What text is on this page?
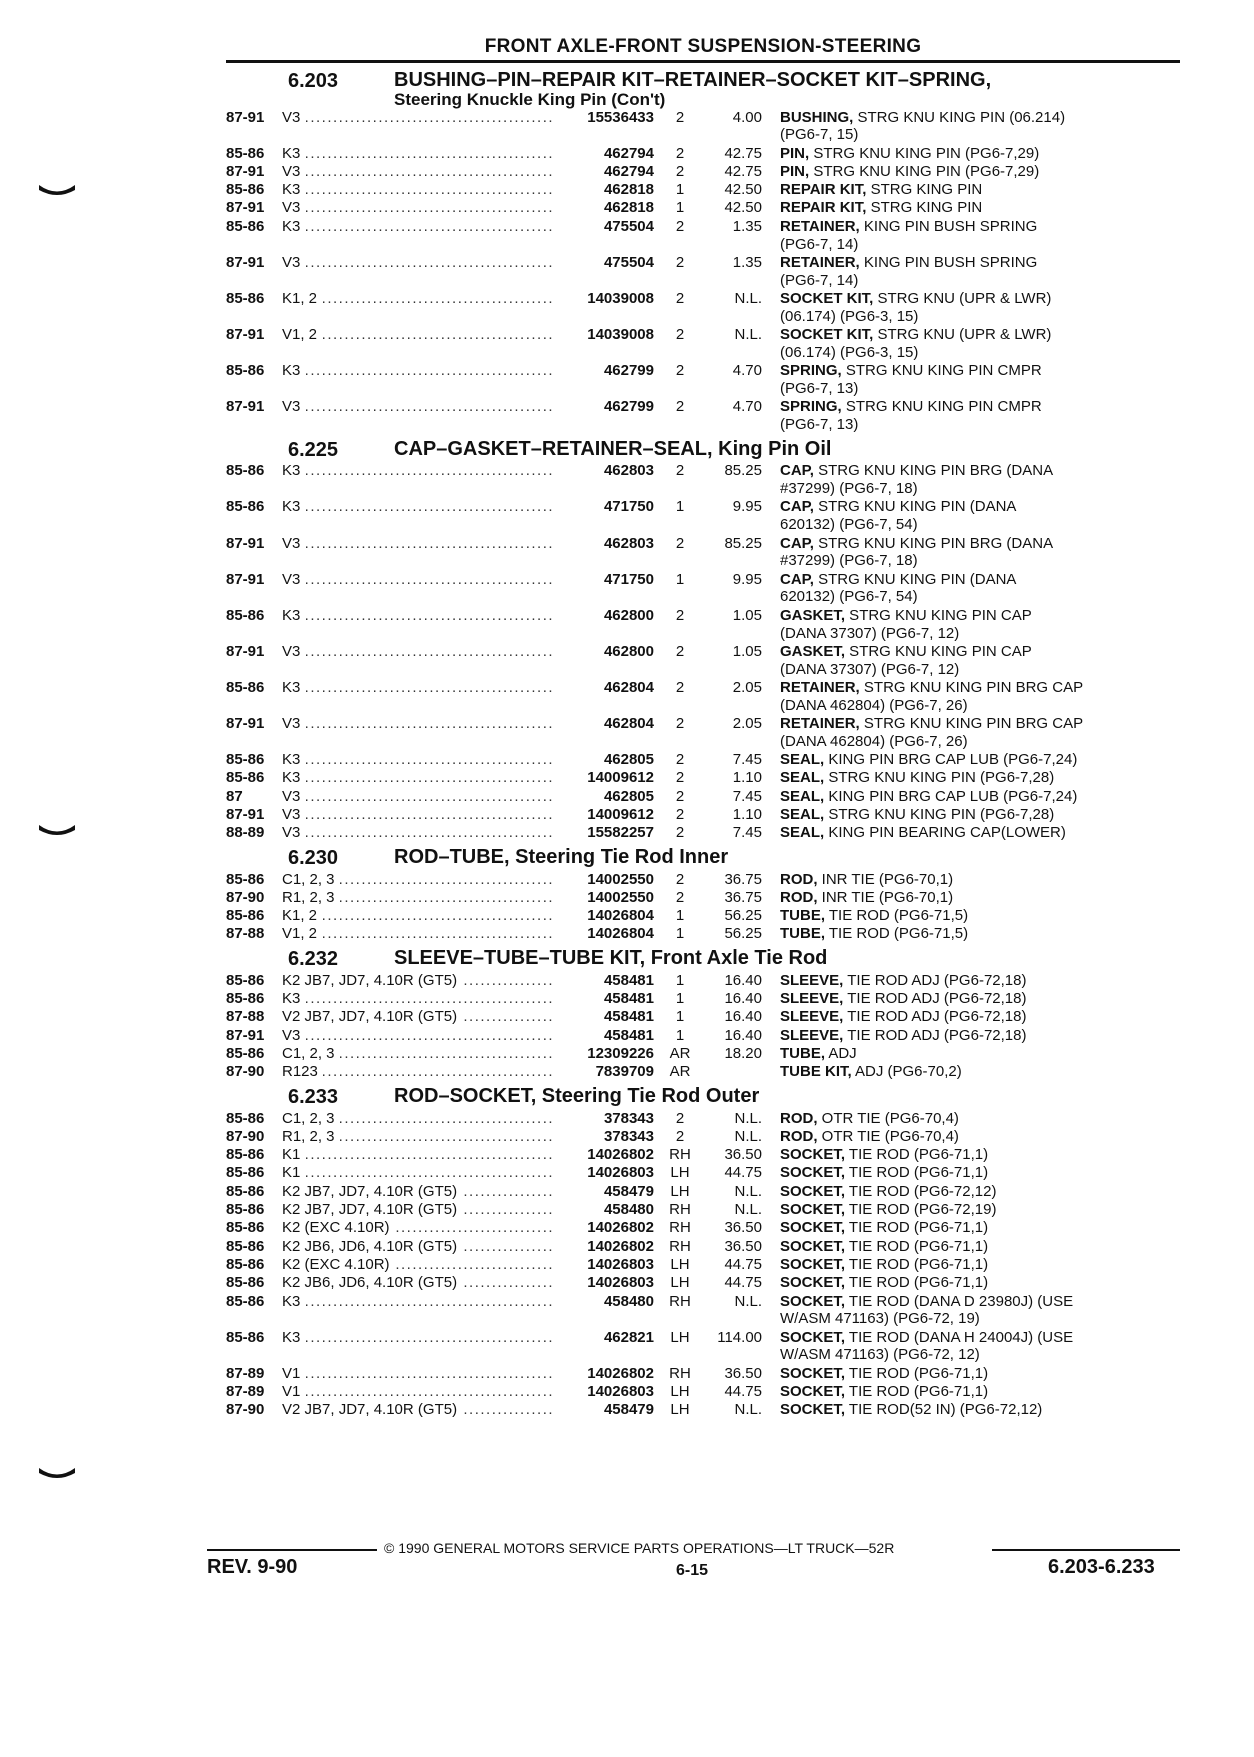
FRONT AXLE-FRONT SUSPENSION-STEERING
6.203	BUSHING–PIN–REPAIR KIT–RETAINER–SOCKET KIT–SPRING,
Steering Knuckle King Pin (Con't)
87-91	V3 .....	15536433	2	4.00 BUSHING, STRG KNU KING PIN (06.214)
(PG6-7, 15)
85-86	K3 .....	462794	2	42.75 PIN, STRG KNU KING PIN (PG6-7,29)
87-91	V3 .....	462794	2	42.75 PIN, STRG KNU KING PIN (PG6-7,29)
85-86	K3 .....	462818	1	42.50 REPAIR KIT, STRG KING PIN
87-91	V3 .....	462818	1	42.50 REPAIR KIT, STRG KING PIN
85-86	K3 .....	475504	2	1.35 RETAINER, KING PIN BUSH SPRING
(PG6-7, 14)
87-91	V3 .....	475504	2	1.35 RETAINER, KING PIN BUSH SPRING
(PG6-7, 14)
85-86	K1, 2 .....	14039008	2	N.L. SOCKET KIT, STRG KNU (UPR & LWR)
(06.174) (PG6-3, 15)
87-91	V1, 2 .....	14039008	2	N.L. SOCKET KIT, STRG KNU (UPR & LWR)
(06.174) (PG6-3, 15)
85-86	K3 .....	462799	2	4.70 SPRING, STRG KNU KING PIN CMPR
(PG6-7, 13)
87-91	V3 .....	462799	2	4.70 SPRING, STRG KNU KING PIN CMPR
(PG6-7, 13)
6.225	CAP–GASKET–RETAINER–SEAL, King Pin Oil
85-86	K3 .....	462803	2	85.25 CAP, STRG KNU KING PIN BRG (DANA
#37299) (PG6-7, 18)
85-86	K3 .....	471750	1	9.95 CAP, STRG KNU KING PIN (DANA
620132) (PG6-7, 54)
87-91	V3 .....	462803	2	85.25 CAP, STRG KNU KING PIN BRG (DANA
#37299) (PG6-7, 18)
87-91	V3 .....	471750	1	9.95 CAP, STRG KNU KING PIN (DANA
620132) (PG6-7, 54)
85-86	K3 .....	462800	2	1.05 GASKET, STRG KNU KING PIN CAP
(DANA 37307) (PG6-7, 12)
87-91	V3 .....	462800	2	1.05 GASKET, STRG KNU KING PIN CAP
(DANA 37307) (PG6-7, 12)
85-86	K3 .....	462804	2	2.05 RETAINER, STRG KNU KING PIN BRG CAP
(DANA 462804) (PG6-7, 26)
87-91	V3 .....	462804	2	2.05 RETAINER, STRG KNU KING PIN BRG CAP
(DANA 462804) (PG6-7, 26)
85-86	K3 .....	462805	2	7.45 SEAL, KING PIN BRG CAP LUB (PG6-7,24)
85-86	K3 .....	14009612	2	1.10 SEAL, STRG KNU KING PIN (PG6-7,28)
87	V3 .....	462805	2	7.45 SEAL, KING PIN BRG CAP LUB (PG6-7,24)
87-91	V3 .....	14009612	2	1.10 SEAL, STRG KNU KING PIN (PG6-7,28)
88-89	V3 .....	15582257	2	7.45 SEAL, KING PIN BEARING CAP(LOWER)
6.230	ROD–TUBE, Steering Tie Rod Inner
85-86	C1, 2, 3 .....	14002550	2	36.75 ROD, INR TIE (PG6-70,1)
87-90	R1, 2, 3 .....	14002550	2	36.75 ROD, INR TIE (PG6-70,1)
85-86	K1, 2 .....	14026804	1	56.25 TUBE, TIE ROD (PG6-71,5)
87-88	V1, 2 .....	14026804	1	56.25 TUBE, TIE ROD (PG6-71,5)
6.232	SLEEVE–TUBE–TUBE KIT, Front Axle Tie Rod
85-86	K2 JB7, JD7, 4.10R (GT5) .....	458481	1	16.40 SLEEVE, TIE ROD ADJ (PG6-72,18)
85-86	K3 .....	458481	1	16.40 SLEEVE, TIE ROD ADJ (PG6-72,18)
87-88	V2 JB7, JD7, 4.10R (GT5) .....	458481	1	16.40 SLEEVE, TIE ROD ADJ (PG6-72,18)
87-91	V3 .....	458481	1	16.40 SLEEVE, TIE ROD ADJ (PG6-72,18)
85-86	C1, 2, 3 .....	12309226	AR	18.20 TUBE, ADJ
87-90	R123 .....	7839709	AR	TUBE KIT, ADJ (PG6-70,2)
6.233	ROD–SOCKET, Steering Tie Rod Outer
85-86	C1, 2, 3 .....	378343	2	N.L. ROD, OTR TIE (PG6-70,4)
87-90	R1, 2, 3 .....	378343	2	N.L. ROD, OTR TIE (PG6-70,4)
85-86	K1 .....	14026802	RH	36.50 SOCKET, TIE ROD (PG6-71,1)
85-86	K1 .....	14026803	LH	44.75 SOCKET, TIE ROD (PG6-71,1)
85-86	K2 JB7, JD7, 4.10R (GT5) .....	458479	LH	N.L. SOCKET, TIE ROD (PG6-72,12)
85-86	K2 JB7, JD7, 4.10R (GT5) .....	458480	RH	N.L. SOCKET, TIE ROD (PG6-72,19)
85-86	K2 (EXC 4.10R) .....	14026802	RH	36.50 SOCKET, TIE ROD (PG6-71,1)
85-86	K2 JB6, JD6, 4.10R (GT5) .....	14026802	RH	36.50 SOCKET, TIE ROD (PG6-71,1)
85-86	K2 (EXC 4.10R) .....	14026803	LH	44.75 SOCKET, TIE ROD (PG6-71,1)
85-86	K2 JB6, JD6, 4.10R (GT5) .....	14026803	LH	44.75 SOCKET, TIE ROD (PG6-71,1)
85-86	K3 .....	458480	RH	N.L. SOCKET, TIE ROD (DANA D 23980J) (USE
W/ASM 471163) (PG6-72, 19)
85-86	K3 .....	462821	LH	114.00 SOCKET, TIE ROD (DANA H 24004J) (USE
W/ASM 471163) (PG6-72, 12)
87-89	V1 .....	14026802	RH	36.50 SOCKET, TIE ROD (PG6-71,1)
87-89	V1 .....	14026803	LH	44.75 SOCKET, TIE ROD (PG6-71,1)
87-90	V2 JB7, JD7, 4.10R (GT5) .....	458479	LH	N.L. SOCKET, TIE ROD(52 IN) (PG6-72,12)
© 1990 GENERAL MOTORS SERVICE PARTS OPERATIONS—LT TRUCK—52R
REV. 9-90	6-15	6.203-6.233
